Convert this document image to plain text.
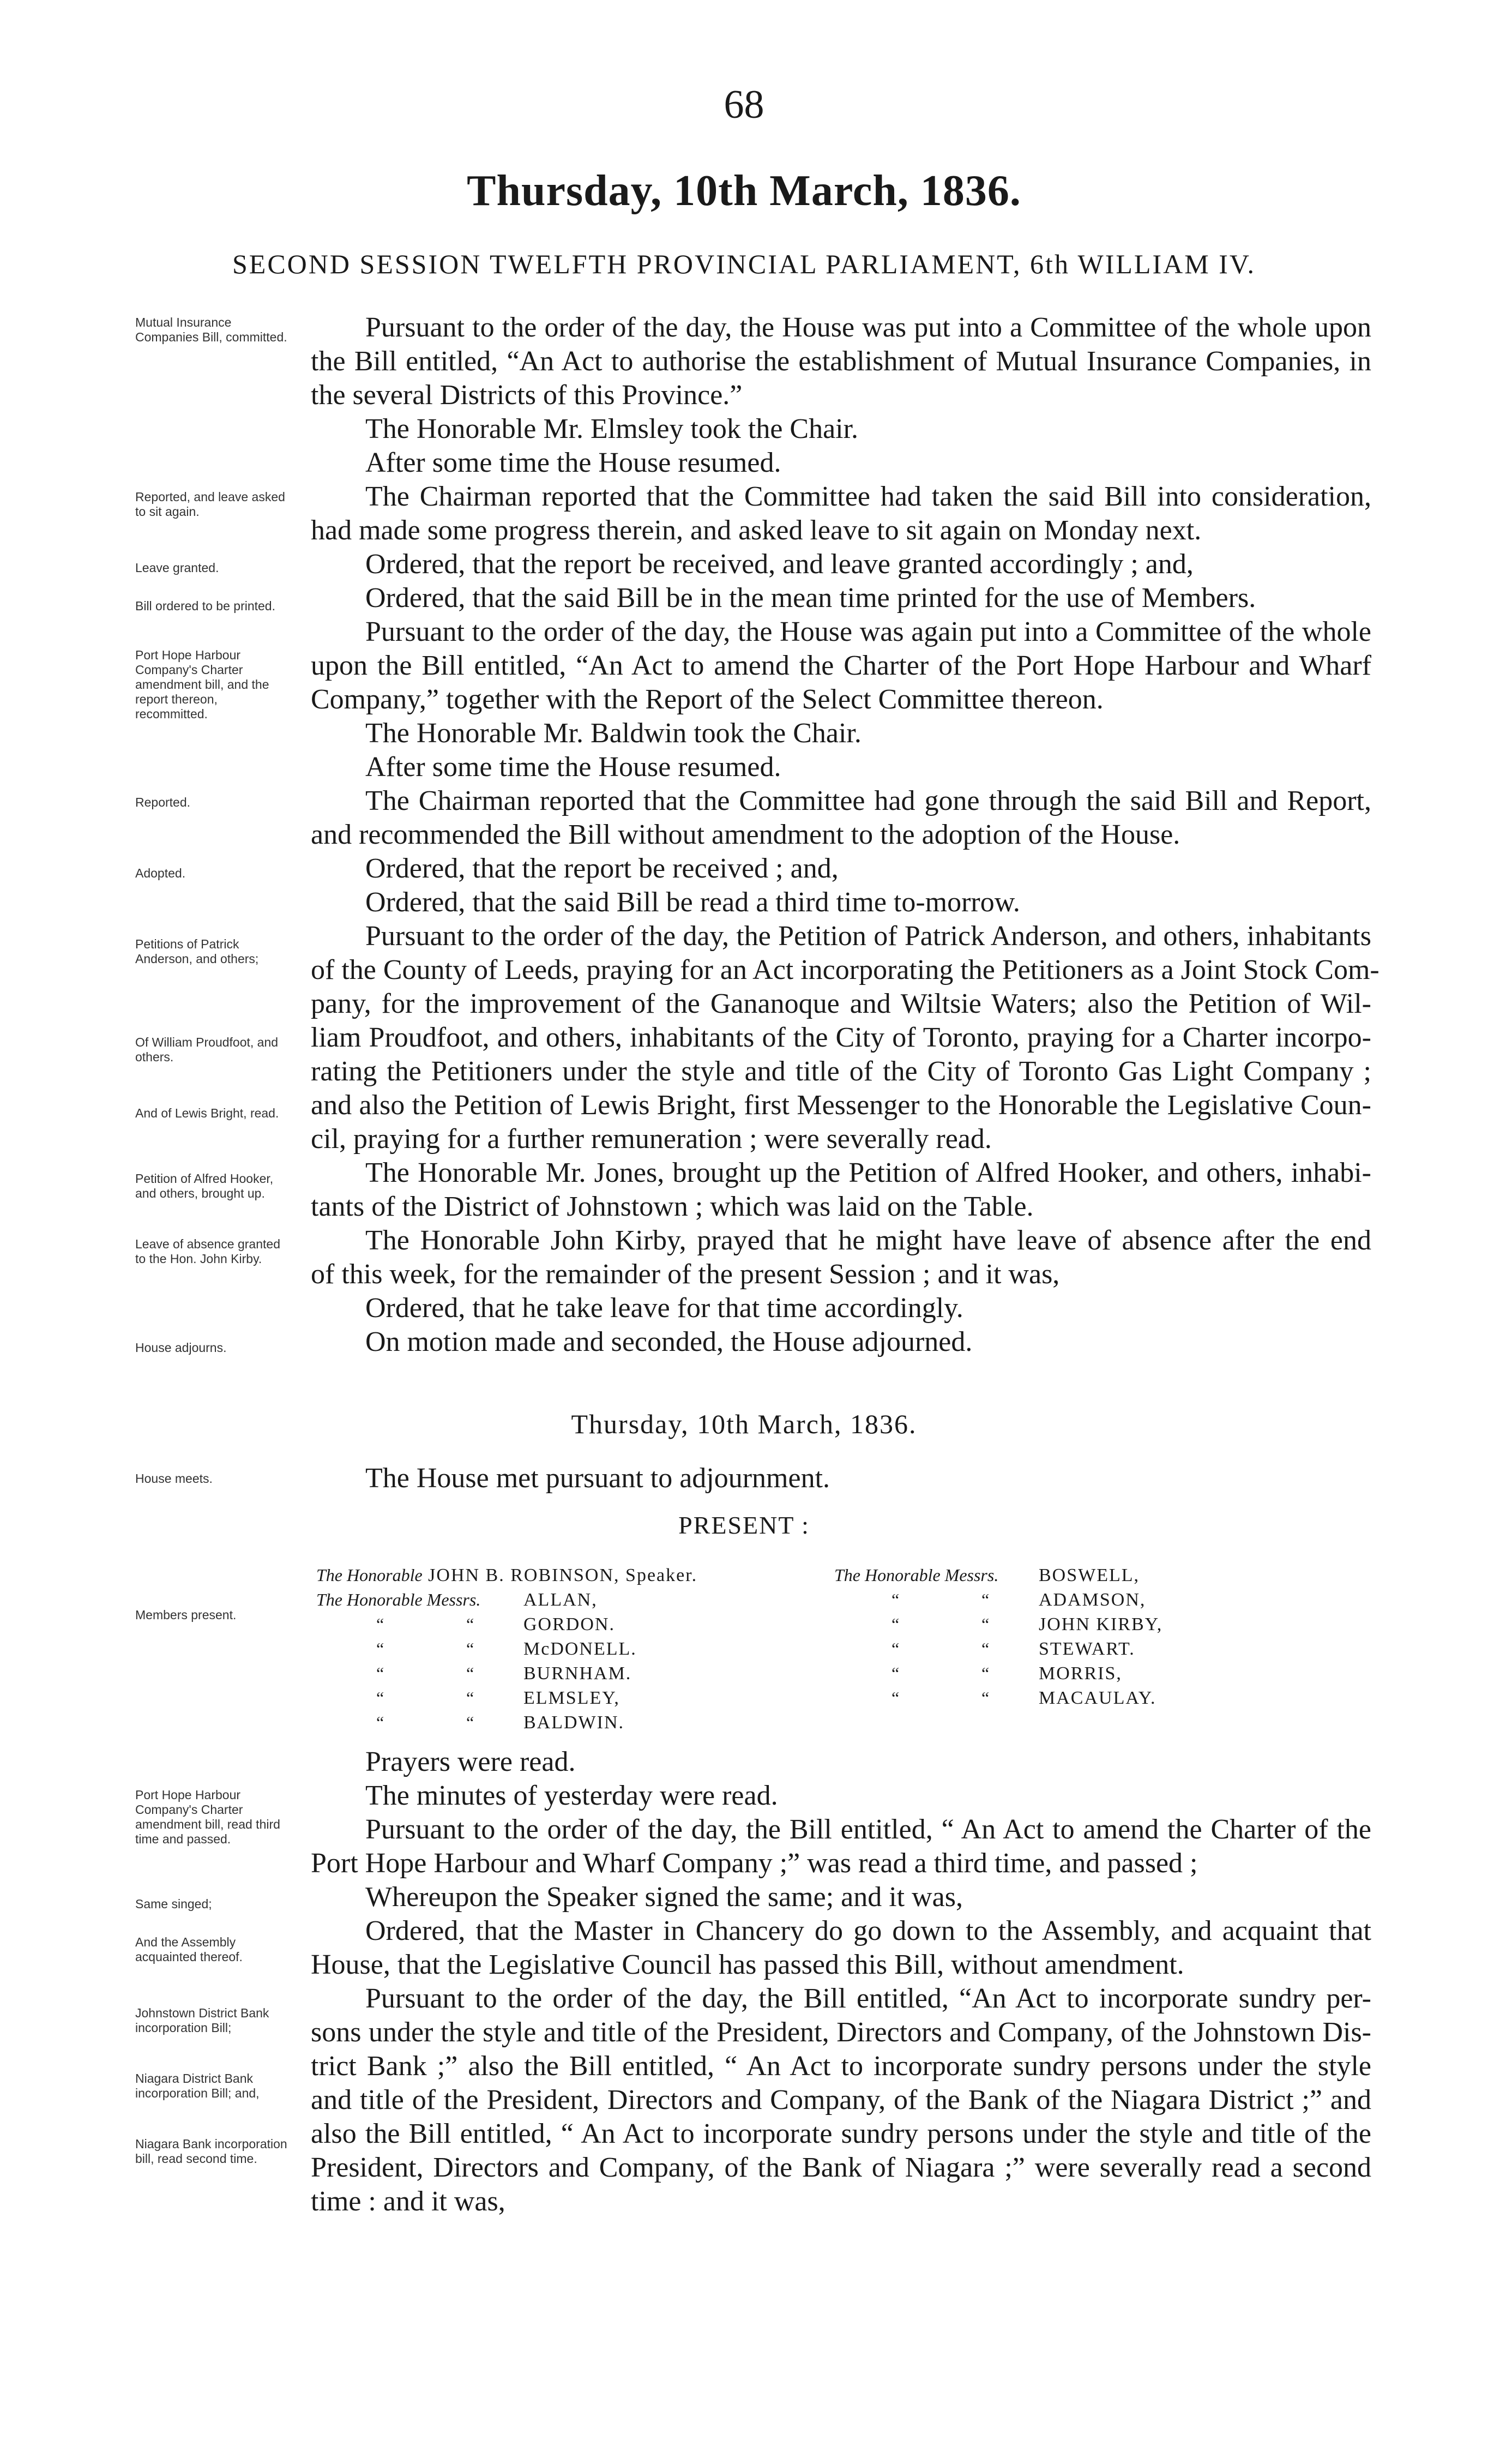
68
Thursday, 10th March, 1836.
SECOND SESSION TWELFTH PROVINCIAL PARLIAMENT, 6th WILLIAM IV.
Mutual Insurance Companies Bill, committed.
Reported, and leave asked to sit again.
Leave granted.
Bill ordered to be printed.
Port Hope Harbour Company's Charter amendment bill, and the report thereon, recommitted.
Reported.
Adopted.
Petitions of Patrick Anderson, and others;
Of William Proudfoot, and others.
And of Lewis Bright, read.
Petition of Alfred Hooker, and others, brought up.
Leave of absence granted to the Hon. John Kirby.
House adjourns.
House meets.
Members present.
Port Hope Harbour Company's Charter amendment bill, read third time and passed.
Same singed;
And the Assembly acquainted thereof.
Johnstown District Bank incorporation Bill;
Niagara District Bank incorporation Bill; and,
Niagara Bank incorporation bill, read second time.
Pursuant to the order of the day, the House was put into a Committee of the whole upon
the Bill entitled, “An Act to authorise the establishment of Mutual Insurance Companies, in
the several Districts of this Province.”
The Honorable Mr. Elmsley took the Chair.
After some time the House resumed.
The Chairman reported that the Committee had taken the said Bill into consideration,
had made some progress therein, and asked leave to sit again on Monday next.
Ordered, that the report be received, and leave granted accordingly ; and,
Ordered, that the said Bill be in the mean time printed for the use of Members.
Pursuant to the order of the day, the House was again put into a Committee of the whole
upon the Bill entitled, “An Act to amend the Charter of the Port Hope Harbour and Wharf
Company,” together with the Report of the Select Committee thereon.
The Honorable Mr. Baldwin took the Chair.
After some time the House resumed.
The Chairman reported that the Committee had gone through the said Bill and Report,
and recommended the Bill without amendment to the adoption of the House.
Ordered, that the report be received ; and,
Ordered, that the said Bill be read a third time to-morrow.
Pursuant to the order of the day, the Petition of Patrick Anderson, and others, inhabitants
of the County of Leeds, praying for an Act incorporating the Petitioners as a Joint Stock Com-
pany, for the improvement of the Gananoque and Wiltsie Waters; also the Petition of Wil-
liam Proudfoot, and others, inhabitants of the City of Toronto, praying for a Charter incorpo-
rating the Petitioners under the style and title of the City of Toronto Gas Light Company ;
and also the Petition of Lewis Bright, first Messenger to the Honorable the Legislative Coun-
cil, praying for a further remuneration ; were severally read.
The Honorable Mr. Jones, brought up the Petition of Alfred Hooker, and others, inhabi-
tants of the District of Johnstown ; which was laid on the Table.
The Honorable John Kirby, prayed that he might have leave of absence after the end
of this week, for the remainder of the present Session ; and it was,
Ordered, that he take leave for that time accordingly.
On motion made and seconded, the House adjourned.
Thursday, 10th March, 1836.
The House met pursuant to adjournment.
PRESENT :
The Honorable JOHN B. ROBINSON, Speaker.
The Honorable Messrs. ALLAN,
“	“	GORDON.
“	“	McDONELL.
“	“	BURNHAM.
“	“	ELMSLEY,
“	“	BALDWIN.
The Honorable Messrs. BOSWELL,
“	“	ADAMSON,
“	“	JOHN KIRBY,
“	“	STEWART.
“	“	MORRIS,
“	“	MACAULAY.
Prayers were read.
The minutes of yesterday were read.
Pursuant to the order of the day, the Bill entitled, “ An Act to amend the Charter of the
Port Hope Harbour and Wharf Company ;” was read a third time, and passed ;
Whereupon the Speaker signed the same; and it was,
Ordered, that the Master in Chancery do go down to the Assembly, and acquaint that
House, that the Legislative Council has passed this Bill, without amendment.
Pursuant to the order of the day, the Bill entitled, “An Act to incorporate sundry per-
sons under the style and title of the President, Directors and Company, of the Johnstown Dis-
trict Bank ;” also the Bill entitled, “ An Act to incorporate sundry persons under the style
and title of the President, Directors and Company, of the Bank of the Niagara District ;” and
also the Bill entitled, “ An Act to incorporate sundry persons under the style and title of the
President, Directors and Company, of the Bank of Niagara ;” were severally read a second
time : and it was,
